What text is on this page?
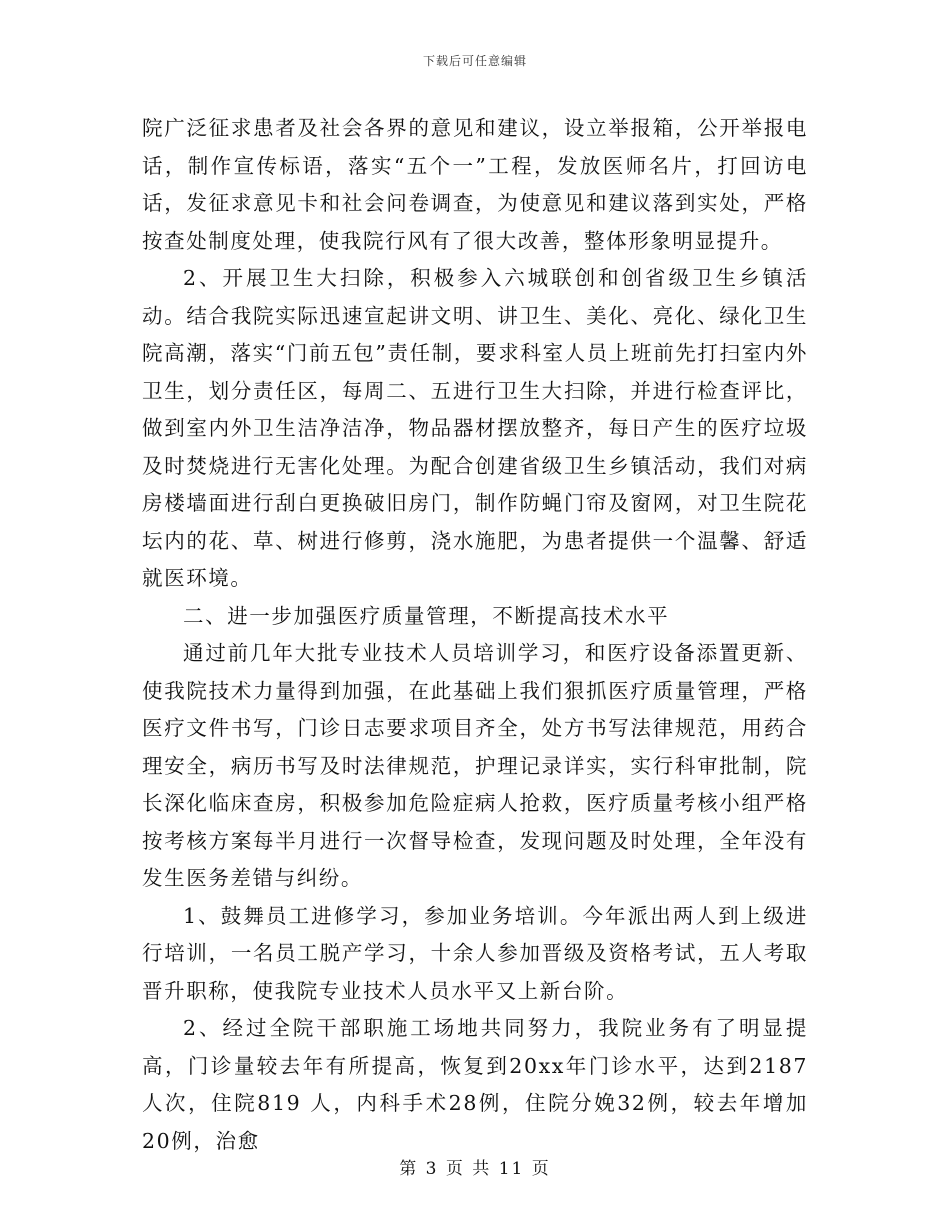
下载后可任意编辑

院广泛征求患者及社会各界的意见和建议，设立举报箱，公开举报电话，制作宣传标语，落实“五个一”工程，发放医师名片，打回访电话，发征求意见卡和社会问卷调查，为使意见和建议落到实处，严格按查处制度处理，使我院行风有了很大改善，整体形象明显提升。

2、开展卫生大扫除，积极参入六城联创和创省级卫生乡镇活动。结合我院实际迅速宣起讲文明、讲卫生、美化、亮化、绿化卫生院高潮，落实“门前五包”责任制，要求科室人员上班前先打扫室内外卫生，划分责任区，每周二、五进行卫生大扫除，并进行检查评比，做到室内外卫生洁净洁净，物品器材摆放整齐，每日产生的医疗垃圾及时焚烧进行无害化处理。为配合创建省级卫生乡镇活动，我们对病房楼墙面进行刮白更换破旧房门，制作防蝇门帘及窗网，对卫生院花坛内的花、草、树进行修剪，浇水施肥，为患者提供一个温馨、舒适就医环境。

二、进一步加强医疗质量管理，不断提高技术水平

通过前几年大批专业技术人员培训学习，和医疗设备添置更新、使我院技术力量得到加强，在此基础上我们狠抓医疗质量管理，严格医疗文件书写，门诊日志要求项目齐全，处方书写法律规范，用药合理安全，病历书写及时法律规范，护理记录详实，实行科审批制，院长深化临床查房，积极参加危险症病人抢救，医疗质量考核小组严格按考核方案每半月进行一次督导检查，发现问题及时处理，全年没有发生医务差错与纠纷。

1、鼓舞员工进修学习，参加业务培训。今年派出两人到上级进行培训，一名员工脱产学习，十余人参加晋级及资格考试，五人考取晋升职称，使我院专业技术人员水平又上新台阶。

2、经过全院干部职施工场地共同努力，我院业务有了明显提高，门诊量较去年有所提高，恢复到20xx年门诊水平，达到2187人次，住院819 人，内科手术28例，住院分娩32例，较去年增加20例，治愈

第 3 页 共 11 页
